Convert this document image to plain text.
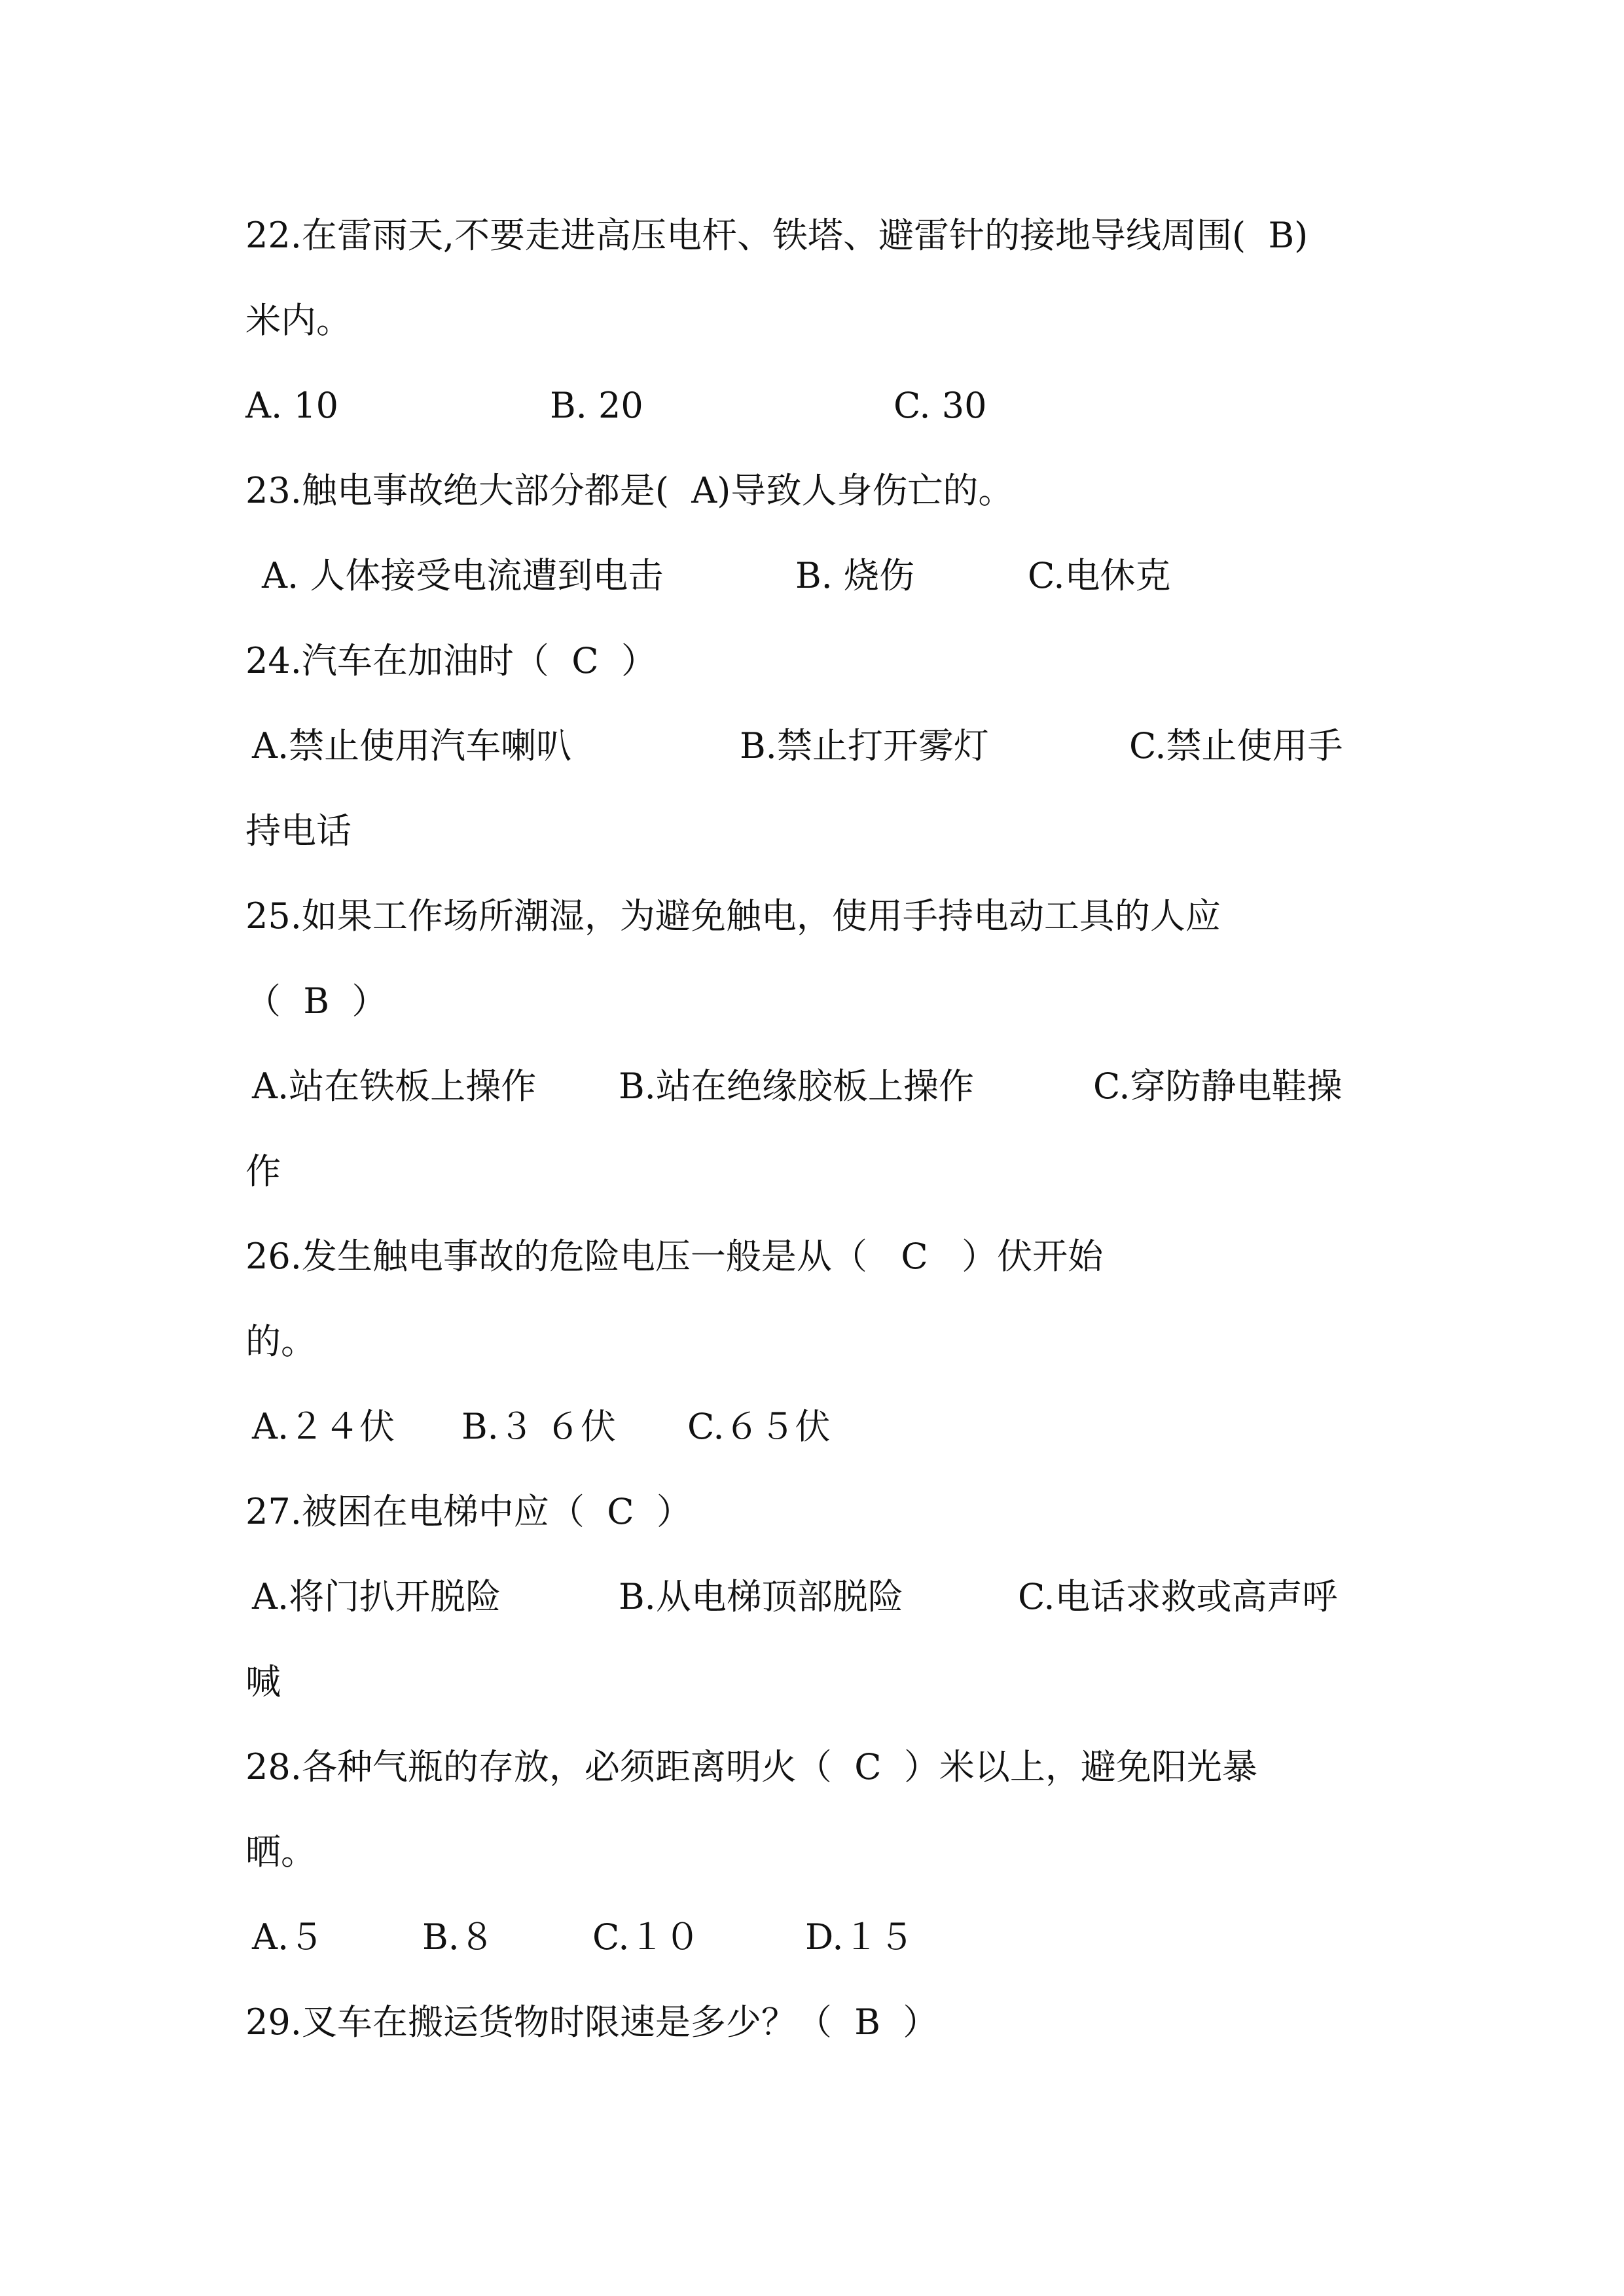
22.在雷雨天,不要走进高压电杆、铁塔、避雷针的接地导线周围(  B)

米内。

A. 10	B. 20	C. 30

23.触电事故绝大部分都是(  A)导致人身伤亡的。

A. 人体接受电流遭到电击	B. 烧伤	C.电休克

24.汽车在加油时（  C  ）

A.禁止使用汽车喇叭	B.禁止打开雾灯	C.禁止使用手

持电话

25.如果工作场所潮湿，为避免触电，使用手持电动工具的人应

（  B  ）

A.站在铁板上操作 B.站在绝缘胶板上操作	C.穿防静电鞋操

作

26.发生触电事故的危险电压一般是从（   C   ）伏开始

的。

A.２４伏 B.３ ６伏 C.６５伏

27.被困在电梯中应（  C  ）

A.将门扒开脱险	B.从电梯顶部脱险	C.电话求救或高声呼

喊

28.各种气瓶的存放，必须距离明火（  C  ）米以上，避免阳光暴

晒。

A.５	B.８	C.１０	D.１５

29.叉车在搬运货物时限速是多少？（  B  ）
